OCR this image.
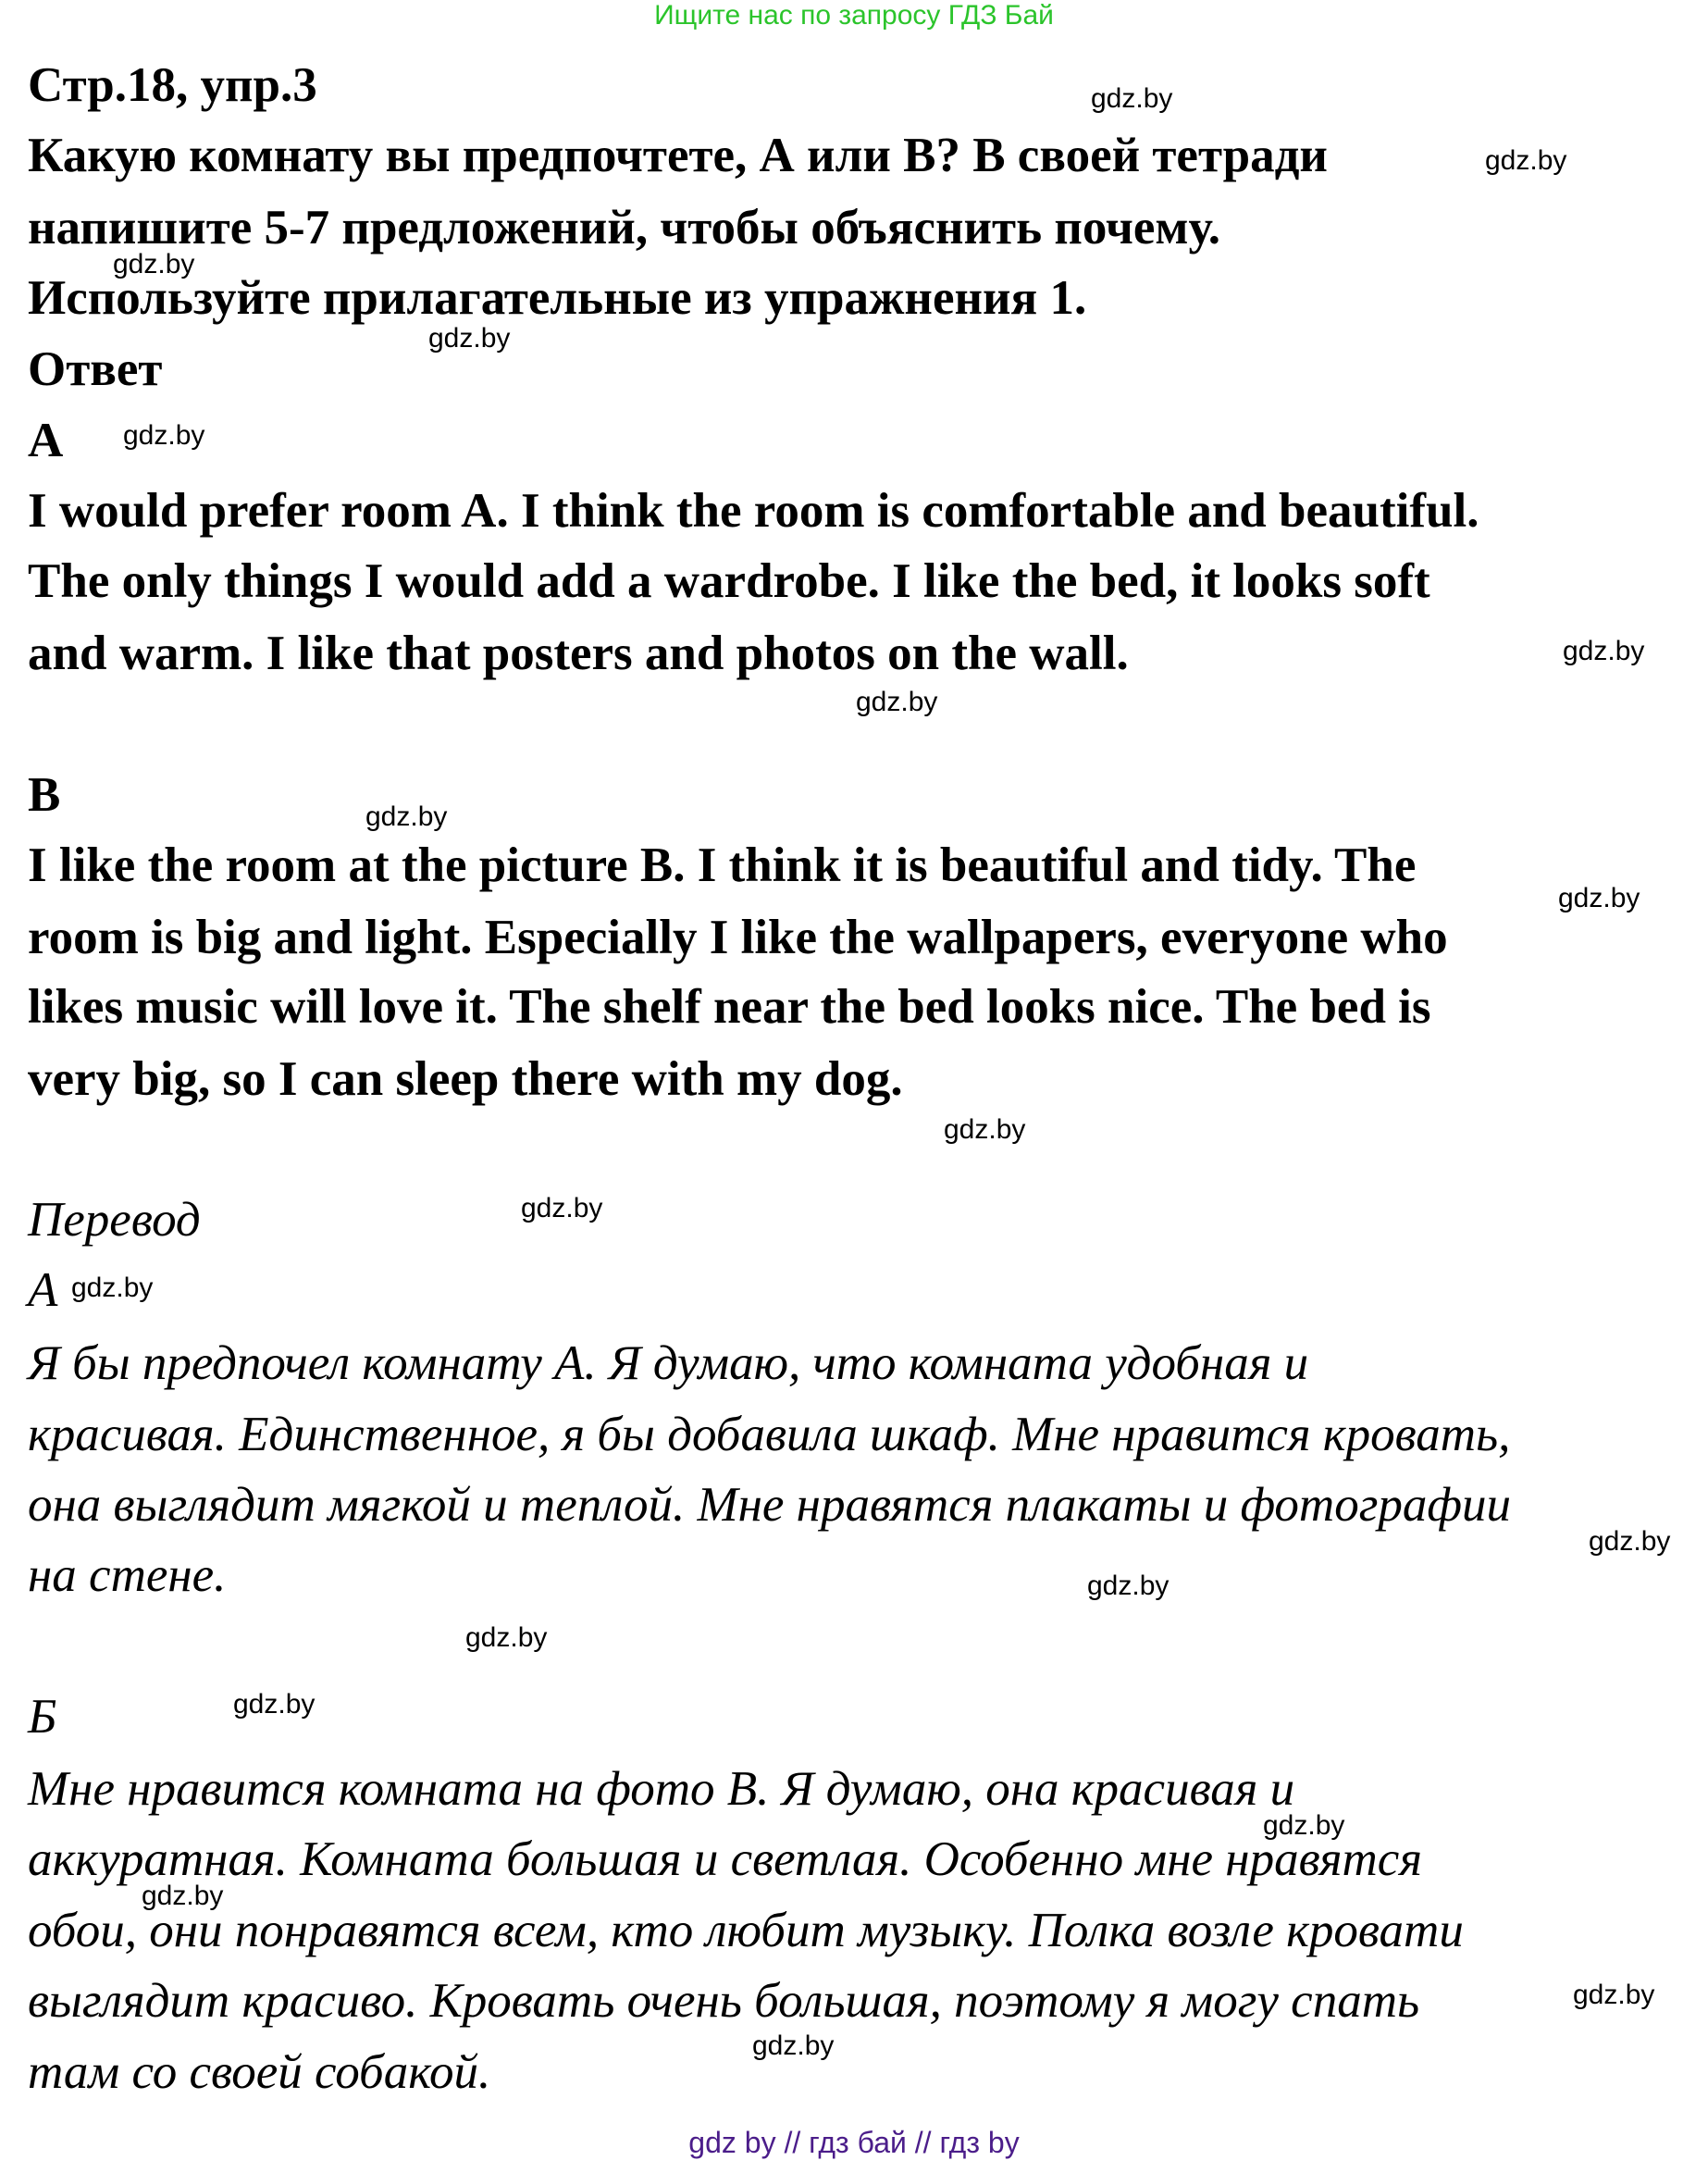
Ищите нас по запросу ГДЗ Бай
Стр.18, упр.3
Какую комнату вы предпочтете, А или В? В своей тетради
напишите 5-7 предложений, чтобы объяснить почему.
Используйте прилагательные из упражнения 1.
Ответ
A
I would prefer room A. I think the room is comfortable and beautiful.
The only things I would add a wardrobe. I like the bed, it looks soft
and warm. I like that posters and photos on the wall.
B
I like the room at the picture B. I think it is beautiful and tidy. The
room is big and light. Especially I like the wallpapers, everyone who
likes music will love it. The shelf near the bed looks nice. The bed is
very big, so I can sleep there with my dog.
Перевод
А
Я бы предпочел комнату А. Я думаю, что комната удобная и
красивая. Единственное, я бы добавила шкаф. Мне нравится кровать,
она выглядит мягкой и теплой. Мне нравятся плакаты и фотографии
на стене.
Б
Мне нравится комната на фото В. Я думаю, она красивая и
аккуратная. Комната большая и светлая. Особенно мне нравятся
обои, они понравятся всем, кто любит музыку. Полка возле кровати
выглядит красиво. Кровать очень большая, поэтому я могу спать
там со своей собакой.
gdz.by
gdz.by
gdz.by
gdz.by
gdz.by
gdz.by
gdz.by
gdz.by
gdz.by
gdz.by
gdz.by
gdz.by
gdz.by
gdz.by
gdz.by
gdz.by
gdz.by
gdz.by
gdz.by
gdz.by
gdz by // гдз бай // гдз by
